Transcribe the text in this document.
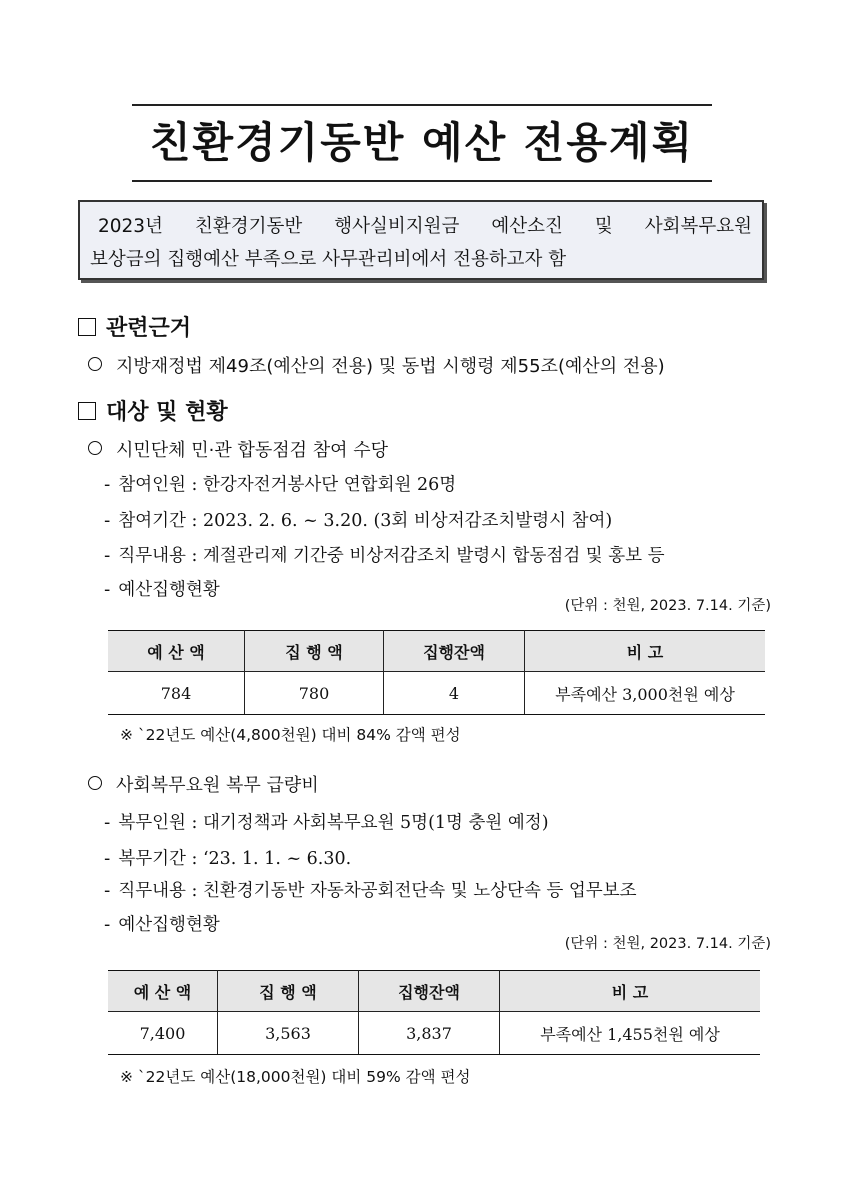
친환경기동반 예산 전용계획
2023년 친환경기동반 행사실비지원금 예산소진 및 사회복무요원
보상금의 집행예산 부족으로 사무관리비에서 전용하고자 함
관련근거
지방재정법 제49조(예산의 전용) 및 동법 시행령 제55조(예산의 전용)
대상 및 현황
시민단체 민·관 합동점검 참여 수당
- 참여인원 : 한강자전거봉사단 연합회원 26명
- 참여기간 : 2023. 2. 6. ~ 3.20. (3회 비상저감조치발령시 참여)
- 직무내용 : 계절관리제 기간중 비상저감조치 발령시 합동점검 및 홍보 등
- 예산집행현황
(단위 : 천원, 2023. 7.14. 기준)
예 산 액	집 행 액	집행잔액	비 고
784	780	4	부족예산 3,000천원 예상
※ `22년도 예산(4,800천원) 대비 84% 감액 편성
사회복무요원 복무 급량비
- 복무인원 : 대기정책과 사회복무요원 5명(1명 충원 예정)
- 복무기간 : ‘23. 1. 1. ~ 6.30.
- 직무내용 : 친환경기동반 자동차공회전단속 및 노상단속 등 업무보조
- 예산집행현황
(단위 : 천원, 2023. 7.14. 기준)
예 산 액	집 행 액	집행잔액	비 고
7,400	3,563	3,837	부족예산 1,455천원 예상
※ `22년도 예산(18,000천원) 대비 59% 감액 편성
